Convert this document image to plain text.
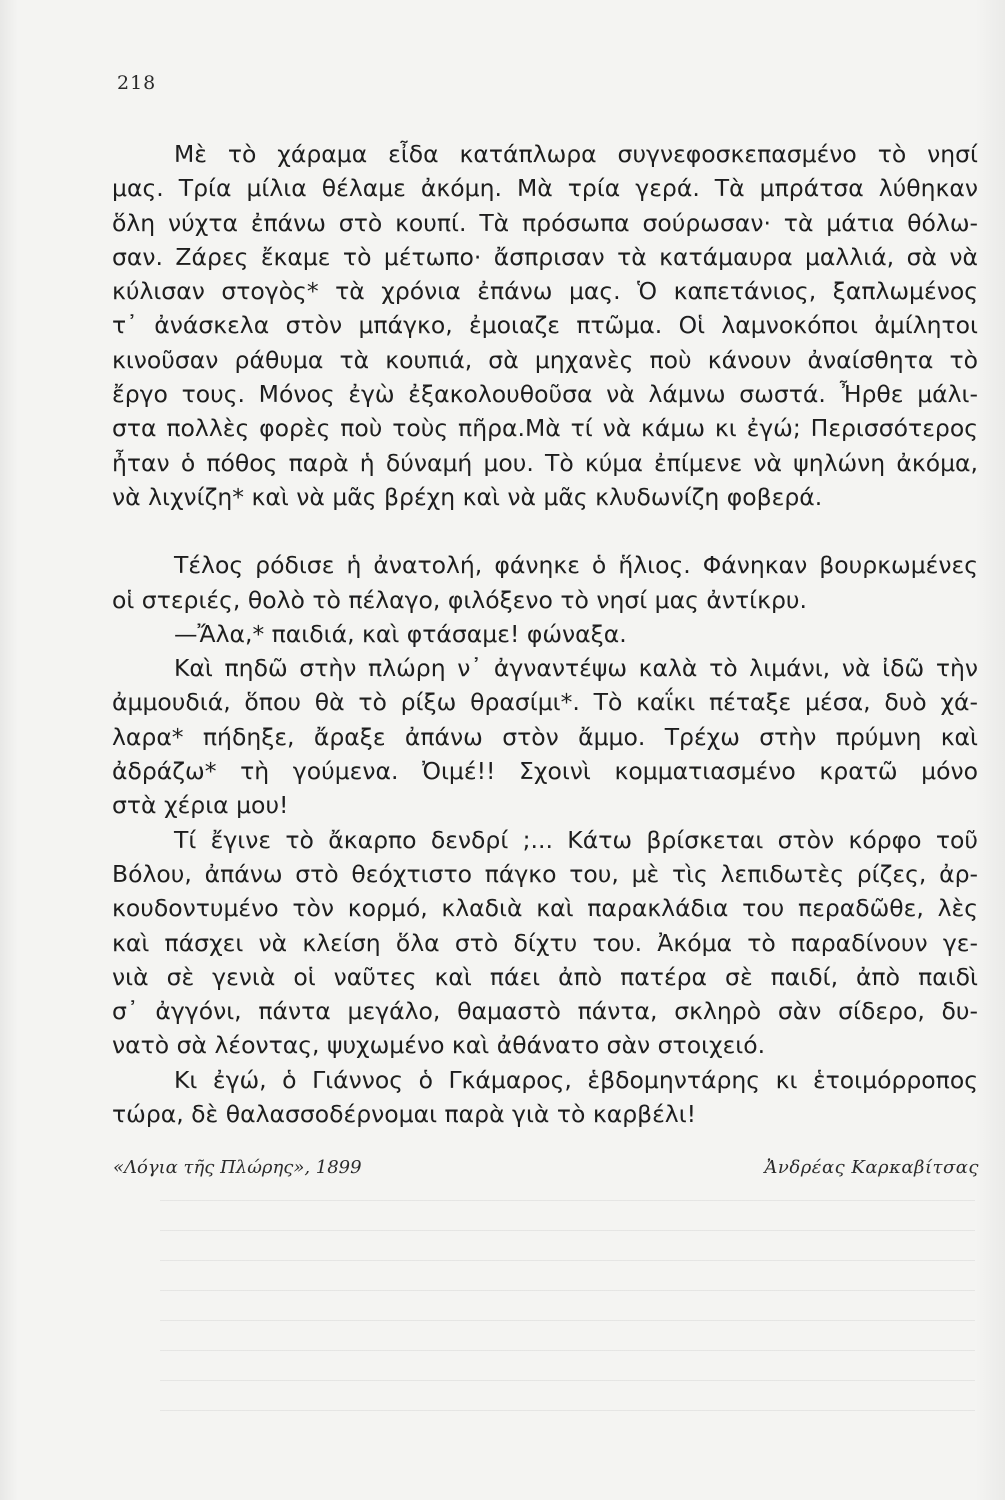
218
Μὲ τὸ χάραμα εἶδα κατάπλωρα συγνεφοσκεπασμένο τὸ νησί
μας. Τρία μίλια θέλαμε ἀκόμη. Μὰ τρία γερά. Τὰ μπράτσα λύθηκαν
ὅλη νύχτα ἐπάνω στὸ κουπί. Τὰ πρόσωπα σούρωσαν· τὰ μάτια θόλω-
σαν. Ζάρες ἔκαμε τὸ μέτωπο· ἄσπρισαν τὰ κατάμαυρα μαλλιά, σὰ νὰ
κύλισαν στογὸς* τὰ χρόνια ἐπάνω μας. Ὁ καπετάνιος, ξαπλωμένος
τ᾿ ἀνάσκελα στὸν μπάγκο, ἐμοιαζε πτῶμα. Οἱ λαμνοκόποι ἀμίλητοι
κινοῦσαν ράθυμα τὰ κουπιά, σὰ μηχανὲς ποὺ κάνουν ἀναίσθητα τὸ
ἔργο τους. Μόνος ἐγὼ ἐξακολουθοῦσα νὰ λάμνω σωστά. Ἦρθε μάλι-
στα πολλὲς φορὲς ποὺ τοὺς πῆρα.Μὰ τί νὰ κάμω κι ἐγώ; Περισσότερος
ἦταν ὁ πόθος παρὰ ἡ δύναμή μου. Τὸ κύμα ἐπίμενε νὰ ψηλώνη ἀκόμα,
νὰ λιχνίζη* καὶ νὰ μᾶς βρέχη καὶ νὰ μᾶς κλυδωνίζη φοβερά.
Τέλος ρόδισε ἡ ἀνατολή, φάνηκε ὁ ἥλιος. Φάνηκαν βουρκωμένες
οἱ στεριές, θολὸ τὸ πέλαγο, φιλόξενο τὸ νησί μας ἀντίκρυ.
—Ἄλα,* παιδιά, καὶ φτάσαμε! φώναξα.
Καὶ πηδῶ στὴν πλώρη ν᾿ ἀγναντέψω καλὰ τὸ λιμάνι, νὰ ἰδῶ τὴν
ἀμμουδιά, ὅπου θὰ τὸ ρίξω θρασίμι*. Τὸ καΐκι πέταξε μέσα, δυὸ χά-
λαρα* πήδηξε, ἄραξε ἀπάνω στὸν ἄμμο. Τρέχω στὴν πρύμνη καὶ
ἀδράζω* τὴ γούμενα. Ὀιμέ!! Σχοινὶ κομματιασμένο κρατῶ μόνο
στὰ χέρια μου!
Τί ἔγινε τὸ ἄκαρπο δενδρί ;... Κάτω βρίσκεται στὸν κόρφο τοῦ
Βόλου, ἀπάνω στὸ θεόχτιστο πάγκο του, μὲ τὶς λεπιδωτὲς ρίζες, ἀρ-
κουδοντυμένο τὸν κορμό, κλαδιὰ καὶ παρακλάδια του περαδῶθε, λὲς
καὶ πάσχει νὰ κλείση ὅλα στὸ δίχτυ του. Ἀκόμα τὸ παραδίνουν γε-
νιὰ σὲ γενιὰ οἱ ναῦτες καὶ πάει ἀπὸ πατέρα σὲ παιδί, ἀπὸ παιδὶ
σ᾿ ἀγγόνι, πάντα μεγάλο, θαμαστὸ πάντα, σκληρὸ σὰν σίδερο, δυ-
νατὸ σὰ λέοντας, ψυχωμένο καὶ ἀθάνατο σὰν στοιχειό.
Κι ἐγώ, ὁ Γιάννος ὁ Γκάμαρος, ἑβδομηντάρης κι ἑτοιμόρροπος
τώρα, δὲ θαλασσοδέρνομαι παρὰ γιὰ τὸ καρβέλι!
«Λόγια τῆς Πλώρης», 1899	Ἀνδρέας Καρκαβίτσας
